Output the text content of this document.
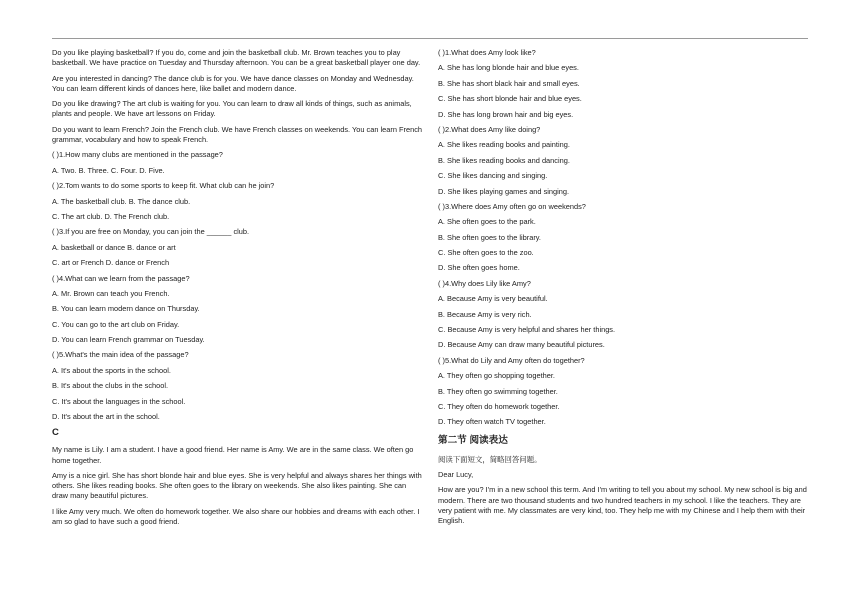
Do you like playing basketball? If you do, come and join the basketball club. Mr. Brown teaches you to play basketball. We have practice on Tuesday and Thursday afternoon. You can be a great basketball player one day.

Are you interested in dancing? The dance club is for you. We have dance classes on Monday and Wednesday. You can learn different kinds of dances here, like ballet and modern dance.

Do you like drawing? The art club is waiting for you. You can learn to draw all kinds of things, such as animals, plants and people. We have art lessons on Friday.

Do you want to learn French? Join the French club. We have French classes on weekends. You can learn French grammar, vocabulary and how to speak French.

( )1.How many clubs are mentioned in the passage?

A. Two. B. Three. C. Four. D. Five.

( )2.Tom wants to do some sports to keep fit. What club can he join?

A. The basketball club. B. The dance club.

C. The art club. D. The French club.

( )3.If you are free on Monday, you can join the ______ club.

A. basketball or dance B. dance or art

C. art or French D. dance or French

( )4.What can we learn from the passage?

A. Mr. Brown can teach you French.

B. You can learn modern dance on Thursday.

C. You can go to the art club on Friday.

D. You can learn French grammar on Tuesday.

( )5.What's the main idea of the passage?

A. It's about the sports in the school.

B. It's about the clubs in the school.

C. It's about the languages in the school.

D. It's about the art in the school.

C

My name is Lily. I am a student. I have a good friend. Her name is Amy. We are in the same class. We often go home together.

Amy is a nice girl. She has short blonde hair and blue eyes. She is very helpful and always shares her things with others. She likes reading books. She often goes to the library on weekends. She also likes painting. She can draw many beautiful pictures.

I like Amy very much. We often do homework together. We also share our hobbies and dreams with each other. I am so glad to have such a good friend.

( )1.What does Amy look like?

A. She has long blonde hair and blue eyes.

B. She has short black hair and small eyes.

C. She has short blonde hair and blue eyes.

D. She has long brown hair and big eyes.

( )2.What does Amy like doing?

A. She likes reading books and painting.

B. She likes reading books and dancing.

C. She likes dancing and singing.

D. She likes playing games and singing.

( )3.Where does Amy often go on weekends?

A. She often goes to the park.

B. She often goes to the library.

C. She often goes to the zoo.

D. She often goes home.

( )4.Why does Lily like Amy?

A. Because Amy is very beautiful.

B. Because Amy is very rich.

C. Because Amy is very helpful and shares her things.

D. Because Amy can draw many beautiful pictures.

( )5.What do Lily and Amy often do together?

A. They often go shopping together.

B. They often go swimming together.

C. They often do homework together.

D. They often watch TV together.

第二节 阅读表达

阅读下面短文，简略回答问题。

Dear Lucy,

How are you? I'm in a new school this term. And I'm writing to tell you about my school. My new school is big and modern. There are two thousand students and two hundred teachers in my school. I like the teachers. They are very patient with me. My classmates are very kind, too. They help me with my Chinese and I help them with their English.
